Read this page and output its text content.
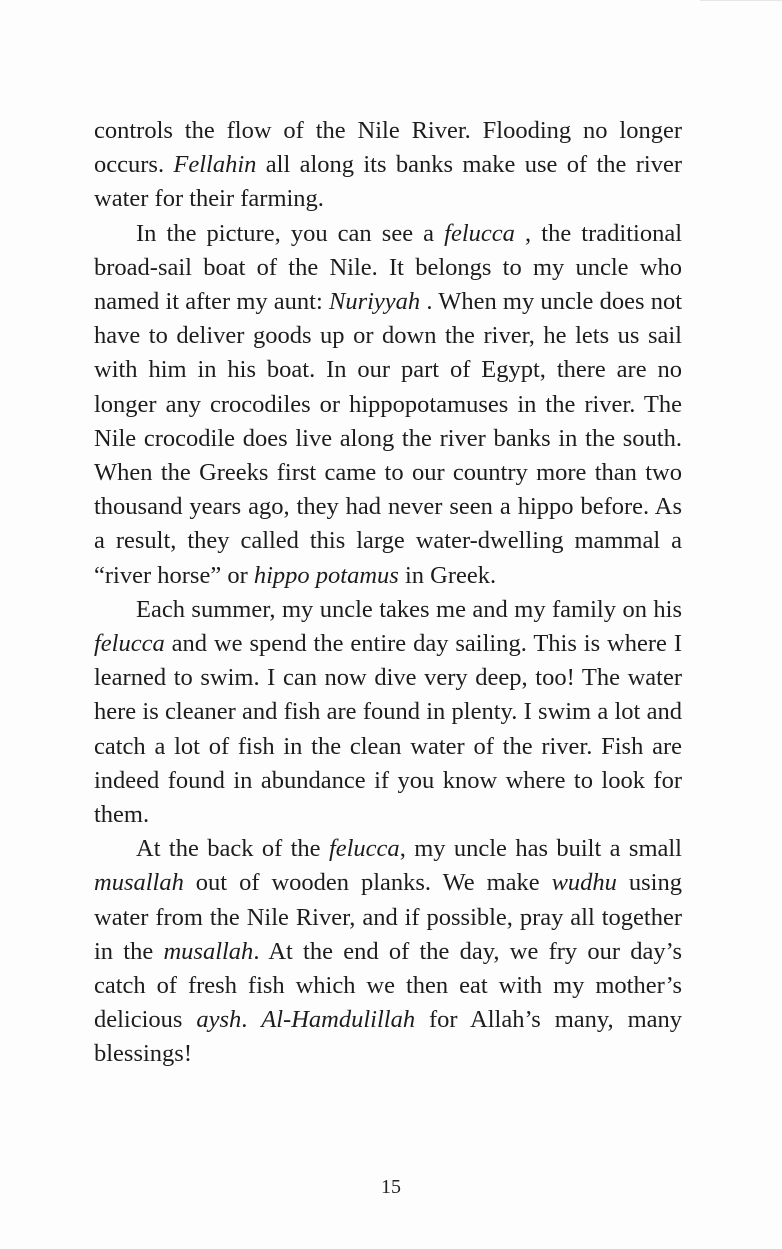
controls the flow of the Nile River. Flooding no longer occurs. Fellahin all along its banks make use of the river water for their farming.

In the picture, you can see a felucca , the traditional broad-sail boat of the Nile. It belongs to my uncle who named it after my aunt: Nuriyyah . When my uncle does not have to deliver goods up or down the river, he lets us sail with him in his boat. In our part of Egypt, there are no longer any crocodiles or hippopotamuses in the river. The Nile crocodile does live along the river banks in the south. When the Greeks first came to our country more than two thousand years ago, they had never seen a hippo before. As a result, they called this large water-dwelling mammal a “river horse” or hippo potamus in Greek.

Each summer, my uncle takes me and my family on his felucca and we spend the entire day sailing. This is where I learned to swim. I can now dive very deep, too! The water here is cleaner and fish are found in plenty. I swim a lot and catch a lot of fish in the clean water of the river. Fish are indeed found in abundance if you know where to look for them.

At the back of the felucca, my uncle has built a small musallah out of wooden planks. We make wudhu using water from the Nile River, and if possible, pray all together in the musallah. At the end of the day, we fry our day’s catch of fresh fish which we then eat with my mother’s delicious aysh. Al-Hamdulillah for Allah’s many, many blessings!

15
